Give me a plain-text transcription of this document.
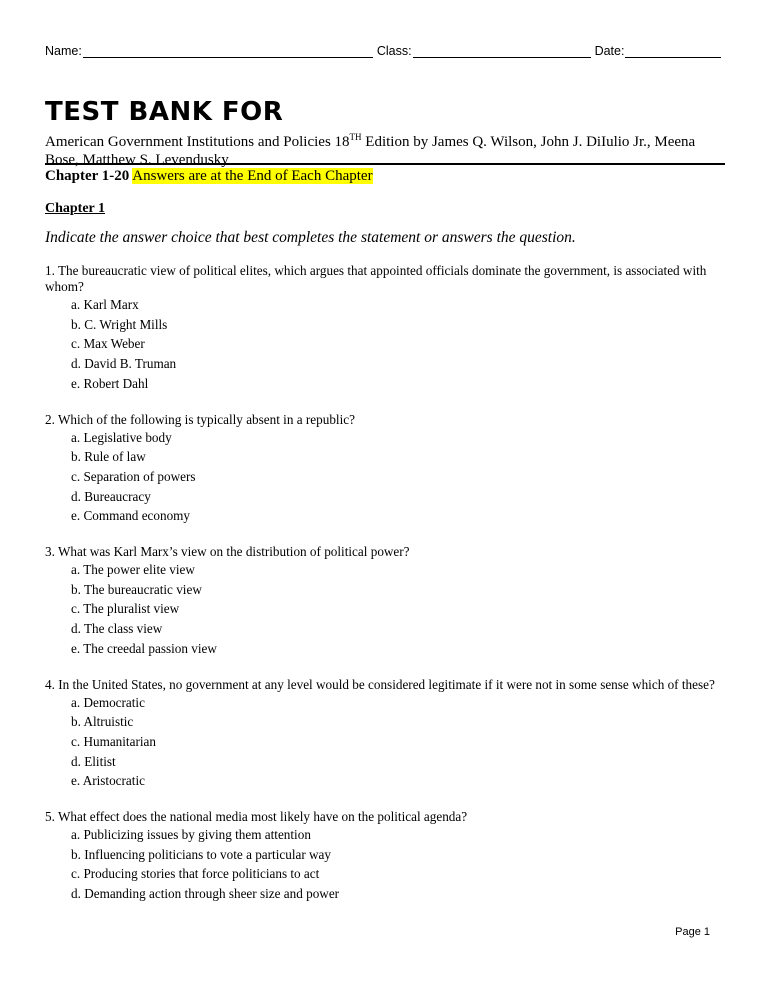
Name:	Class:	Date:
TEST BANK FOR
American Government Institutions and Policies 18TH Edition by James Q. Wilson, John J. DiIulio Jr., Meena Bose, Matthew S. Levendusky
Chapter 1-20 Answers are at the End of Each Chapter
Chapter 1
Indicate the answer choice that best completes the statement or answers the question.
1. The bureaucratic view of political elites, which argues that appointed officials dominate the government, is associated with whom?
a. Karl Marx
b. C. Wright Mills
c. Max Weber
d. David B. Truman
e. Robert Dahl
2. Which of the following is typically absent in a republic?
a. Legislative body
b. Rule of law
c. Separation of powers
d. Bureaucracy
e. Command economy
3. What was Karl Marx’s view on the distribution of political power?
a. The power elite view
b. The bureaucratic view
c. The pluralist view
d. The class view
e. The creedal passion view
4. In the United States, no government at any level would be considered legitimate if it were not in some sense which of these?
a. Democratic
b. Altruistic
c. Humanitarian
d. Elitist
e. Aristocratic
5. What effect does the national media most likely have on the political agenda?
a. Publicizing issues by giving them attention
b. Influencing politicians to vote a particular way
c. Producing stories that force politicians to act
d. Demanding action through sheer size and power
Page 1
